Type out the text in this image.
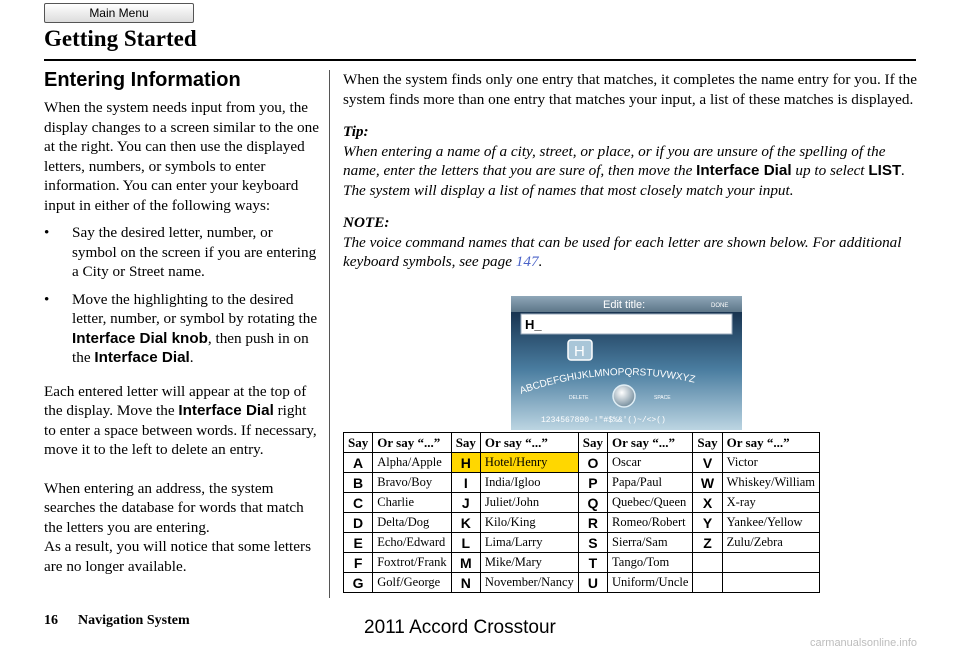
Main Menu
Getting Started
Entering Information

When the system needs input from you, the display changes to a screen similar to the one at the right. You can then use the displayed letters, numbers, or symbols to enter information. You can enter your keyboard input in either of the following ways:

• Say the desired letter, number, or symbol on the screen if you are entering a City or Street name.
• Move the highlighting to the desired letter, number, or symbol by rotating the Interface Dial knob, then push in on the Interface Dial.

Each entered letter will appear at the top of the display. Move the Interface Dial right to enter a space between words. If necessary, move it to the left to delete an entry.

When entering an address, the system searches the database for words that match the letters you are entering.

As a result, you will notice that some letters are no longer available.

When the system finds only one entry that matches, it completes the name entry for you. If the system finds more than one entry that matches your input, a list of these matches is displayed.

Tip:

When entering a name of a city, street, or place, or if you are unsure of the spelling of the name, enter the letters that you are sure of, then move the Interface Dial up to select LIST. The system will display a list of names that most closely match your input.

NOTE:

The voice command names that can be used for each letter are shown below. For additional keyboard symbols, see page 147.

Edit title:	DONE
H_
H
ABCDEFGHIJKLMNOPQRSTUVWXYZ
DELETE	SPACE
1234567890-!"#$%&'()~/<>()
Say	Or say “...”	Say	Or say “...”	Say	Or say “...”	Say	Or say “...”
A	Alpha/Apple	H	Hotel/Henry	O	Oscar	V	Victor
B	Bravo/Boy	I	India/Igloo	P	Papa/Paul	W	Whiskey/William
C	Charlie	J	Juliet/John	Q	Quebec/Queen	X	X-ray
D	Delta/Dog	K	Kilo/King	R	Romeo/Robert	Y	Yankee/Yellow
E	Echo/Edward	L	Lima/Larry	S	Sierra/Sam	Z	Zulu/Zebra
F	Foxtrot/Frank	M	Mike/Mary	T	Tango/Tom		
G	Golf/George	N	November/Nancy	U	Uniform/Uncle		
16 Navigation System	2011 Accord Crosstour
carmanualsonline.info
